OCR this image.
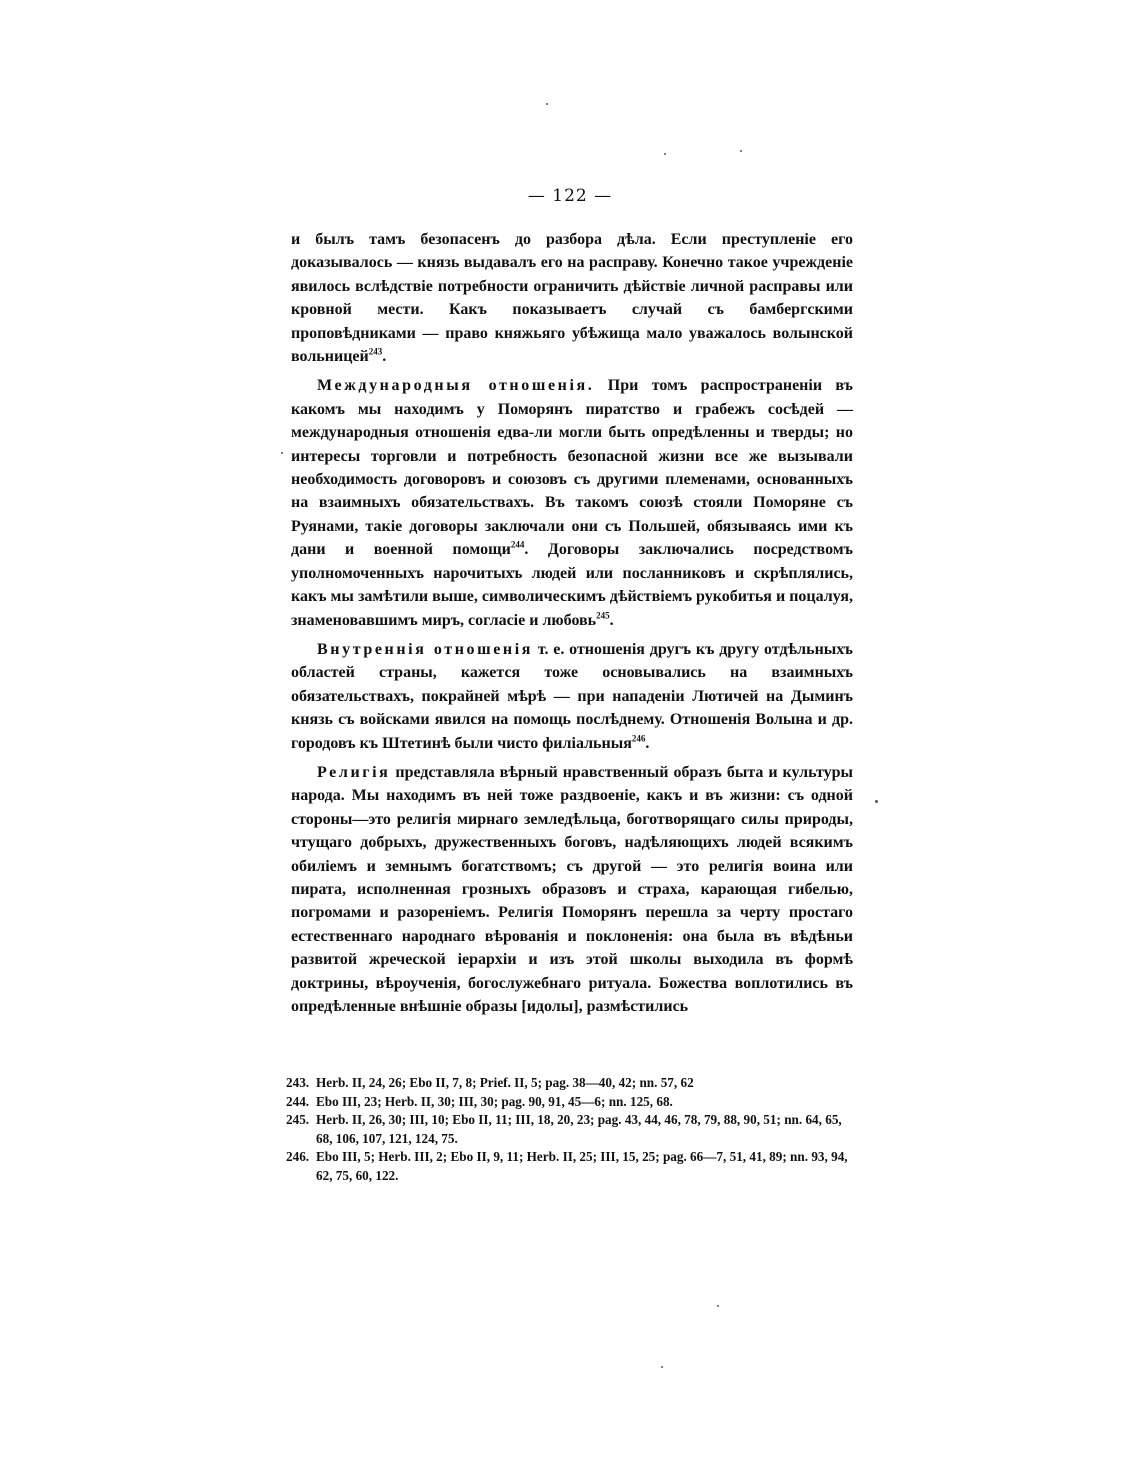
— 122 —

и былъ тамъ безопасенъ до разбора дѣла. Если преступленіе его доказывалось — князь выдавалъ его на расправу. Конечно такое учрежденіе явилось вслѣдствіе потребности ограничить дѣйствіе личной расправы или кровной мести. Какъ показываетъ случай съ бамбергскими проповѣдниками — право княжьяго убѣжища мало уважалось волынской вольницей$^{243}$.

Международныя отношенія. При томъ распространеніи въ какомъ мы находимъ у Поморянъ пиратство и грабежъ сосѣдей — международныя отношенія едва-ли могли быть опредѣленны и тверды; но интересы торговли и потребность безопасной жизни все же вызывали необходимость договоровъ и союзовъ съ другими племенами, основанныхъ на взаимныхъ обязательствахъ. Въ такомъ союзѣ стояли Поморяне съ Руянами, такіе договоры заключали они съ Польшей, обязываясь ими къ дани и военной помощи$^{244}$. Договоры заключались посредствомъ уполномоченныхъ нарочитыхъ людей или посланниковъ и скрѣплялись, какъ мы замѣтили выше, символическимъ дѣйствіемъ рукобитья и поцалуя, знаменовавшимъ миръ, согласіе и любовь$^{245}$.

Внутреннія отношенія т. е. отношенія другъ къ другу отдѣльныхъ областей страны, кажется тоже основывались на взаимныхъ обязательствахъ, покрайней мѣрѣ — при нападеніи Лютичей на Дыминъ князь съ войсками явился на помощь послѣднему. Отношенія Волына и др. городовъ къ Штетинѣ были чисто филіальныя$^{246}$.

Религія представляла вѣрный нравственный образъ быта и культуры народа. Мы находимъ въ ней тоже раздвоеніе, какъ и въ жизни: съ одной стороны—это религія мирнаго земледѣльца, боготворящаго силы природы, чтущаго добрыхъ, дружественныхъ боговъ, надѣляющихъ людей всякимъ обиліемъ и земнымъ богатствомъ; съ другой — это религія воина или пирата, исполненная грозныхъ образовъ и страха, карающая гибелью, погромами и разореніемъ. Религія Поморянъ перешла за черту простаго естественнаго народнаго вѣрованія и поклоненія: она была въ вѣдѣньи развитой жреческой іерархіи и изъ этой школы выходила въ формѣ доктрины, вѣроученія, богослужебнаго ритуала. Божества воплотились въ опредѣленные внѣшніе образы [идолы], размѣстились

243. Herb. II, 24, 26; Ebo II, 7, 8; Prief. II, 5; pag. 38—40, 42; nn. 57, 62

244. Ebo III, 23; Herb. II, 30; III, 30; pag. 90, 91, 45—6; nn. 125, 68.

245. Herb. II, 26, 30; III, 10; Ebo II, 11; III, 18, 20, 23; pag. 43, 44, 46, 78, 79, 88, 90, 51; nn. 64, 65, 68, 106, 107, 121, 124, 75.

246. Ebo III, 5; Herb. III, 2; Ebo II, 9, 11; Herb. II, 25; III, 15, 25; pag. 66—7, 51, 41, 89; nn. 93, 94, 62, 75, 60, 122.
